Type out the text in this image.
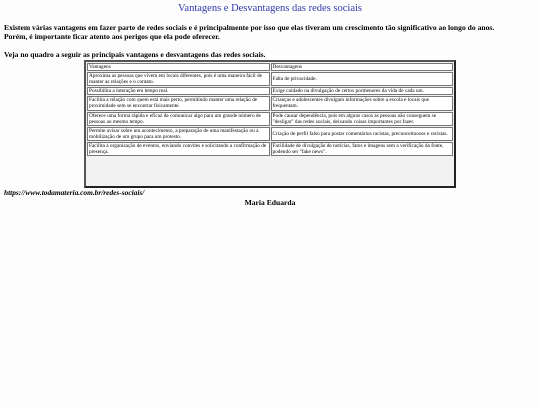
Vantagens e Desvantagens das redes sociais
Existem várias vantagens em fazer parte de redes sociais e é principalmente por isso que elas tiveram um crescimento tão significativo ao longo do anos.
Porém, é importante ficar atento aos perigos que ela pode oferecer.
Veja no quadro a seguir as principais vantagens e desvantagens das redes sociais.
Vantagens	Desvantagens
Aproxima as pessoas que vivem em locais diferentes, pois é uma maneira fácil de manter as relações e o contato.	Falta de privacidade.
Possibilita a interação em tempo real.	Exige cuidado na divulgação de certos pormenores da vida de cada um.
Facilita a relação com quem está mais perto, permitindo manter uma relação de proximidade sem se encontrar fisicamente.	Crianças e adolescentes divulgam informações sobre a escola e locais que frequentam.
Oferece uma forma rápida e eficaz de comunicar algo para um grande número de pessoas ao mesmo tempo.	Pode causar dependência, pois em alguns casos as pessoas não conseguem se "desligar" das redes sociais, deixando coisas importantes por fazer.
Permite avisar sobre um acontecimento, a preparação de uma manifestação ou a mobilização de um grupo para um protesto.	Criação de perfil falso para postar comentários racistas, preconceituosos e racistas.
Facilita a organização de eventos, enviando convites e solicitando a confirmação de presença.	Facilidade de divulgação de notícias, fatos e imagens sem a verificação da fonte, podendo ser "fake news".
https://www.todamateria.com.br/redes-sociais/
Maria Eduarda
